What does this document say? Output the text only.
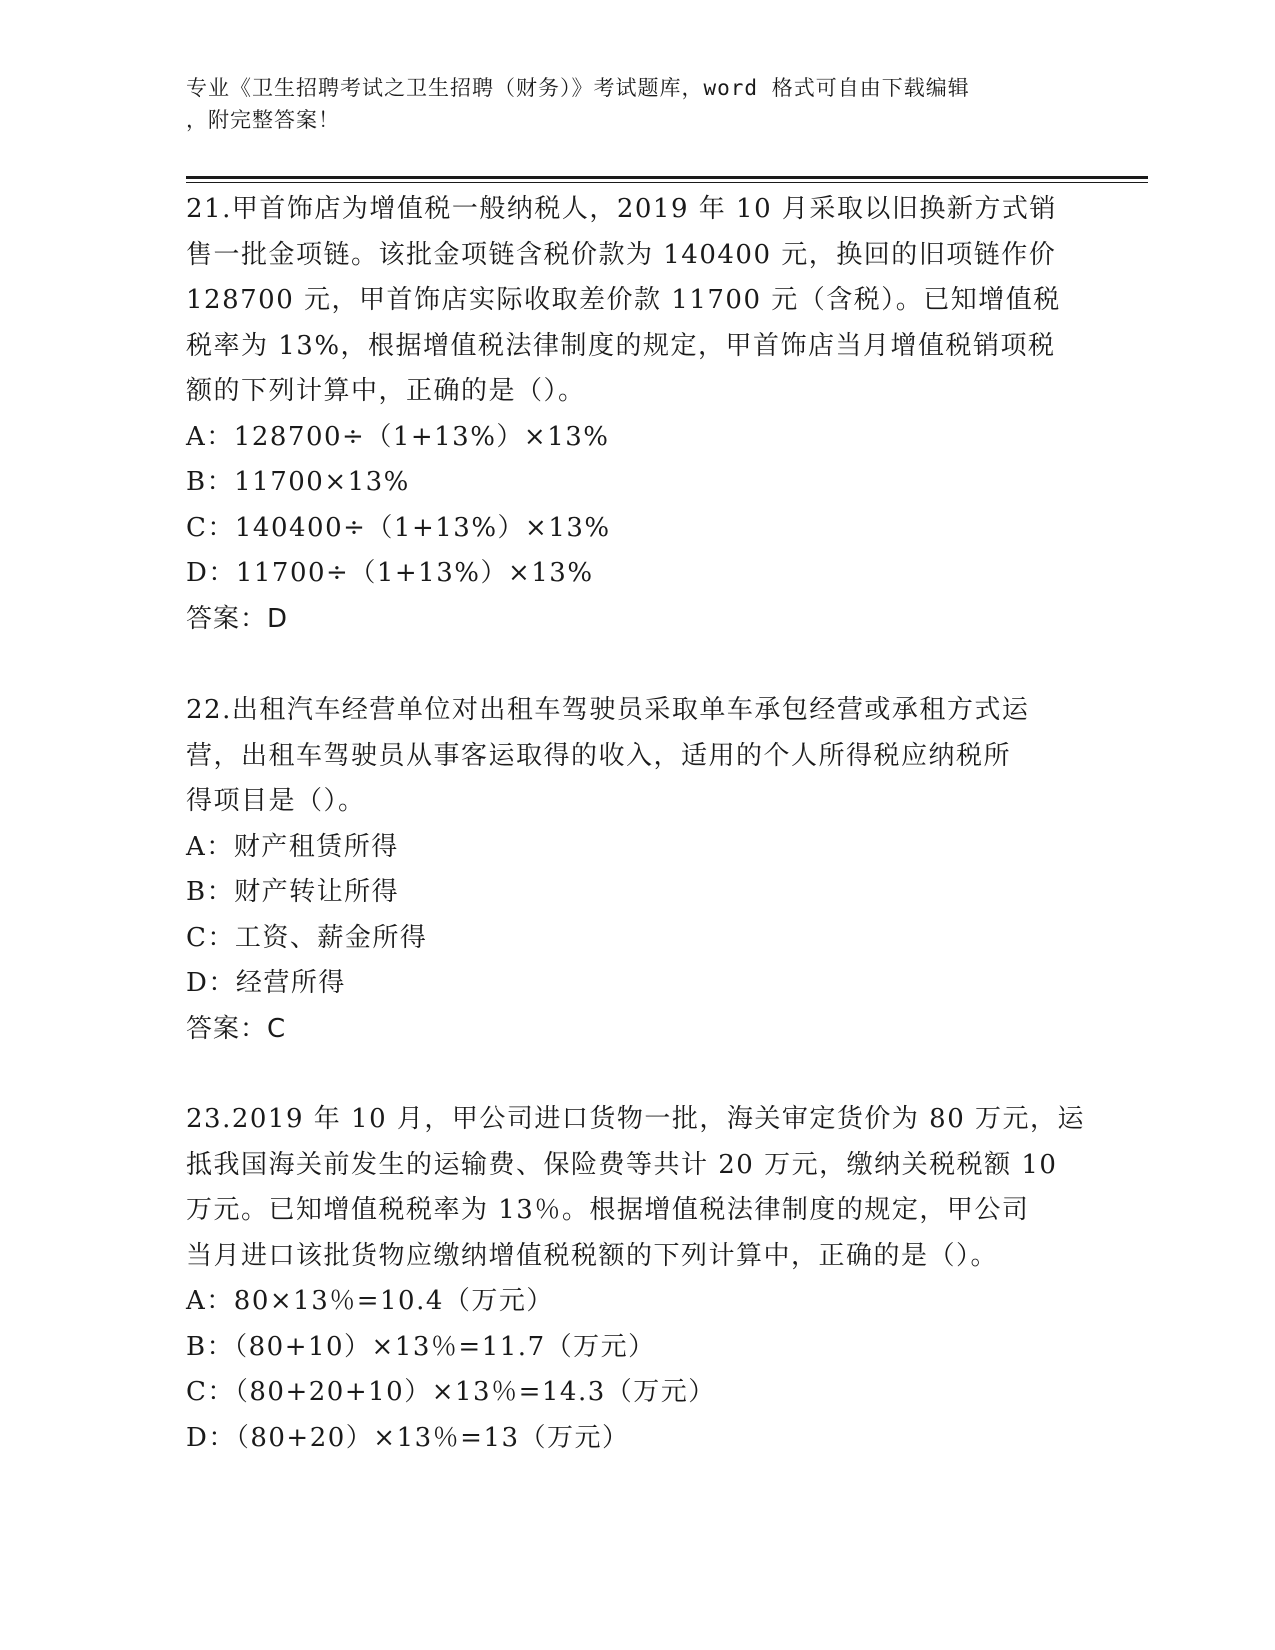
专业《卫生招聘考试之卫生招聘（财务）》考试题库，word 格式可自由下载编辑
，附完整答案！
21.甲首饰店为增值税一般纳税人，2019 年 10 月采取以旧换新方式销
售一批金项链。该批金项链含税价款为 140400 元，换回的旧项链作价
128700 元，甲首饰店实际收取差价款 11700 元（含税）。已知增值税
税率为 13%，根据增值税法律制度的规定，甲首饰店当月增值税销项税
额的下列计算中，正确的是（）。
A：128700÷（1+13%）×13%
B：11700×13%
C：140400÷（1+13%）×13%
D：11700÷（1+13%）×13%
答案：D
22.出租汽车经营单位对出租车驾驶员采取单车承包经营或承租方式运
营，出租车驾驶员从事客运取得的收入，适用的个人所得税应纳税所
得项目是（）。
A：财产租赁所得
B：财产转让所得
C：工资、薪金所得
D：经营所得
答案：C
23.2019 年 10 月，甲公司进口货物一批，海关审定货价为 80 万元，运
抵我国海关前发生的运输费、保险费等共计 20 万元，缴纳关税税额 10
万元。已知增值税税率为 13％。根据增值税法律制度的规定，甲公司
当月进口该批货物应缴纳增值税税额的下列计算中，正确的是（）。
A：80×13％=10.4（万元）
B：（80+10）×13％=11.7（万元）
C：（80+20+10）×13％=14.3（万元）
D：（80+20）×13％=13（万元）
